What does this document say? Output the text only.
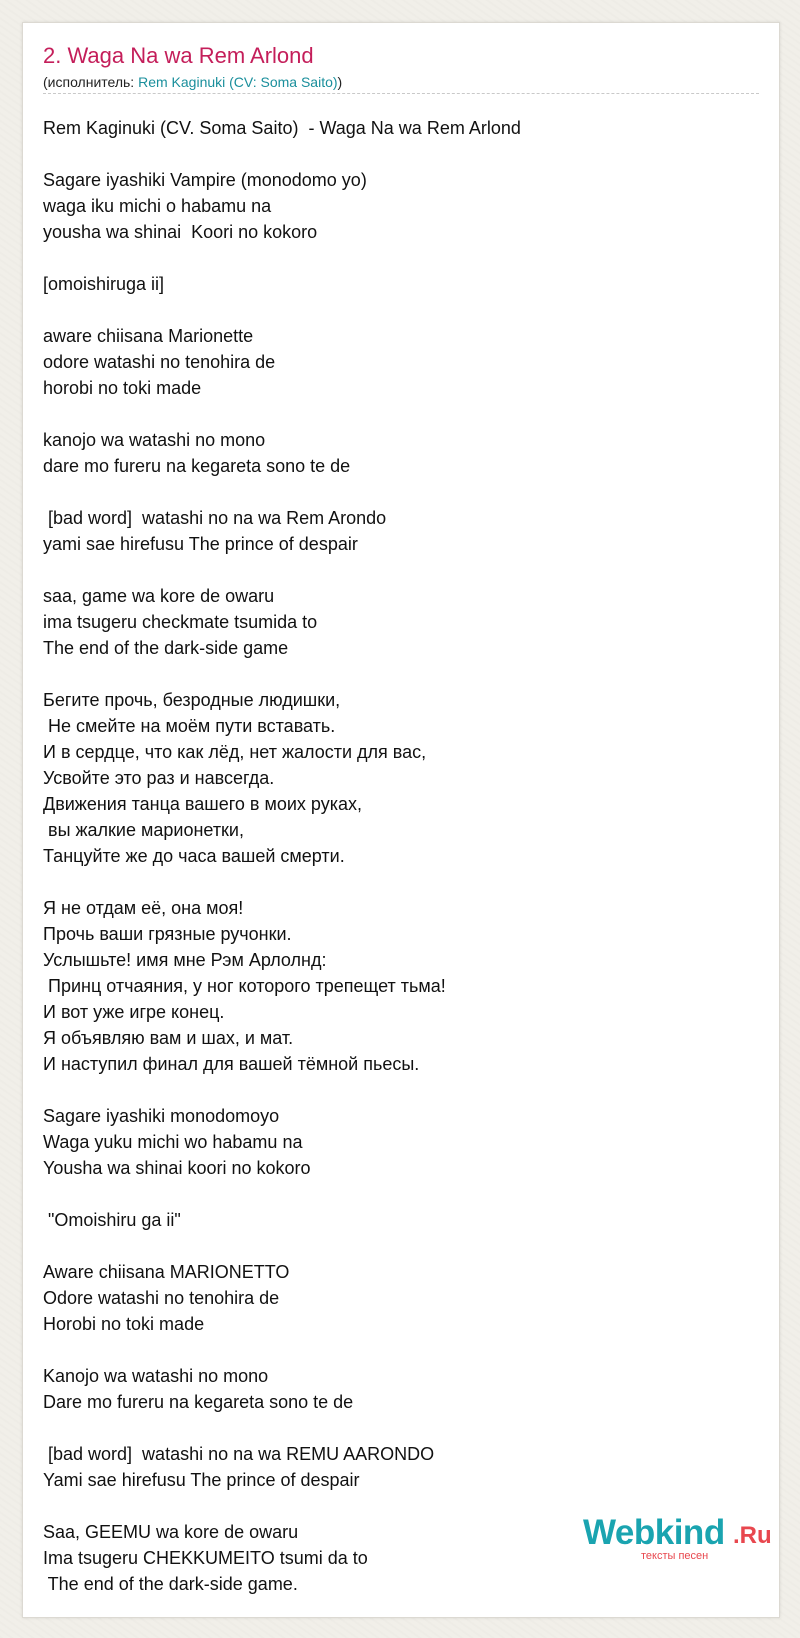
2. Waga Na wa Rem Arlond
(исполнитель: Rem Kaginuki (CV: Soma Saito))
Rem Kaginuki (CV. Soma Saito)  - Waga Na wa Rem Arlond
Sagare iyashiki Vampire (monodomo yo)
waga iku michi o habamu na
yousha wa shinai  Koori no kokoro
[omoishiruga ii]
aware chiisana Marionette
odore watashi no tenohira de
horobi no toki made
kanojo wa watashi no mono
dare mo fureru na kegareta sono te de
[bad word]  watashi no na wa Rem Arondo
yami sae hirefusu The prince of despair
saa, game wa kore de owaru
ima tsugeru checkmate tsumida to
The end of the dark-side game
Бегите прочь, безродные людишки,
Не смейте на моём пути вставать.
И в сердце, что как лёд, нет жалости для вас,
Усвойте это раз и навсегда.
Движения танца вашего в моих руках,
вы жалкие марионетки,
Танцуйте же до часа вашей смерти.
Я не отдам её, она моя!
Прочь ваши грязные ручонки.
Услышьте! имя мне Рэм Арлолнд:
Принц отчаяния, у ног которого трепещет тьма!
И вот уже игре конец.
Я объявляю вам и шах, и мат.
И наступил финал для вашей тёмной пьесы.
Sagare iyashiki monodomoyo
Waga yuku michi wo habamu na
Yousha wa shinai koori no kokoro
"Omoishiru ga ii"
Aware chiisana MARIONETTO
Odore watashi no tenohira de
Horobi no toki made
Kanojo wa watashi no mono
Dare mo fureru na kegareta sono te de
[bad word]  watashi no na wa REMU AARONDO
Yami sae hirefusu The prince of despair
Saa, GEEMU wa kore de owaru
Ima tsugeru CHEKKUMEITO tsumi da to
The end of the dark-side game.
Webkind .Ru
тексты песен
